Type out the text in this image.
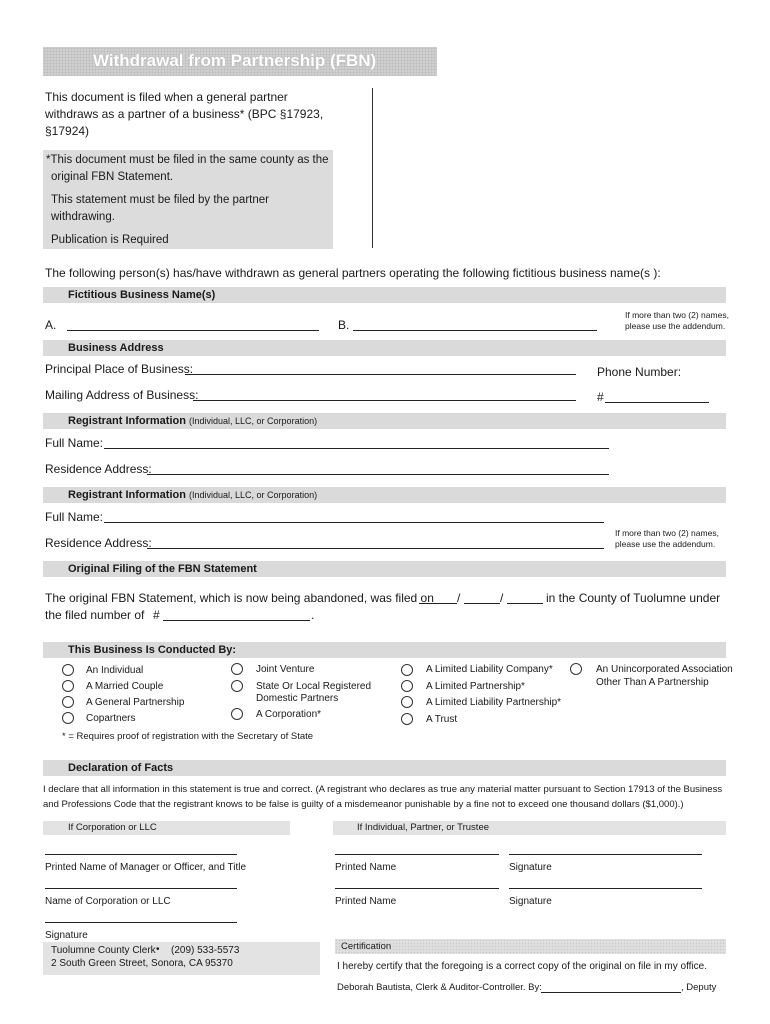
Withdrawal from Partnership (FBN)
This document is filed when a general partner
withdraws as a partner of a business* (BPC §17923,
§17924)
*This document must be filed in the same county as the
original FBN Statement.
This statement must be filed by the partner
withdrawing.
Publication is Required
The following person(s) has/have withdrawn as general partners operating the following fictitious business name(s ):
Fictitious Business Name(s)
A.	B.
If more than two (2) names,
please use the addendum.
Business Address
Principal Place of Business:	Phone Number:
Mailing Address of Business:	#
Registrant Information (Individual, LLC, or Corporation)
Full Name:
Residence Address:
Registrant Information (Individual, LLC, or Corporation)
Full Name:
Residence Address:
If more than two (2) names,
please use the addendum.
Original Filing of the FBN Statement
The original FBN Statement, which is now being abandoned, was filed on /	/	in the County of Tuolumne under
the filed number of #	.
This Business Is Conducted By:
An Individual
A Married Couple
A General Partnership
Copartners
Joint Venture
State Or Local Registered
Domestic Partners
A Corporation*
A Limited Liability Company*
A Limited Partnership*
A Limited Liability Partnership*
A Trust
An Unincorporated Association
Other Than A Partnership
* = Requires proof of registration with the Secretary of State
Declaration of Facts
I declare that all information in this statement is true and correct. (A registrant who declares as true any material matter pursuant to Section 17913 of the Business
and Professions Code that the registrant knows to be false is guilty of a misdemeanor punishable by a fine not to exceed one thousand dollars ($1,000).)
If Corporation or LLC	If Individual, Partner, or Trustee
Printed Name of Manager or Officer, and Title
Name of Corporation or LLC
Signature
Printed Name	Signature
Printed Name	Signature
Tuolumne County Clerk • (209) 533-5573
2 South Green Street, Sonora, CA 95370
Certification
I hereby certify that the foregoing is a correct copy of the original on file in my office.
Deborah Bautista, Clerk & Auditor-Controller. By:	, Deputy
